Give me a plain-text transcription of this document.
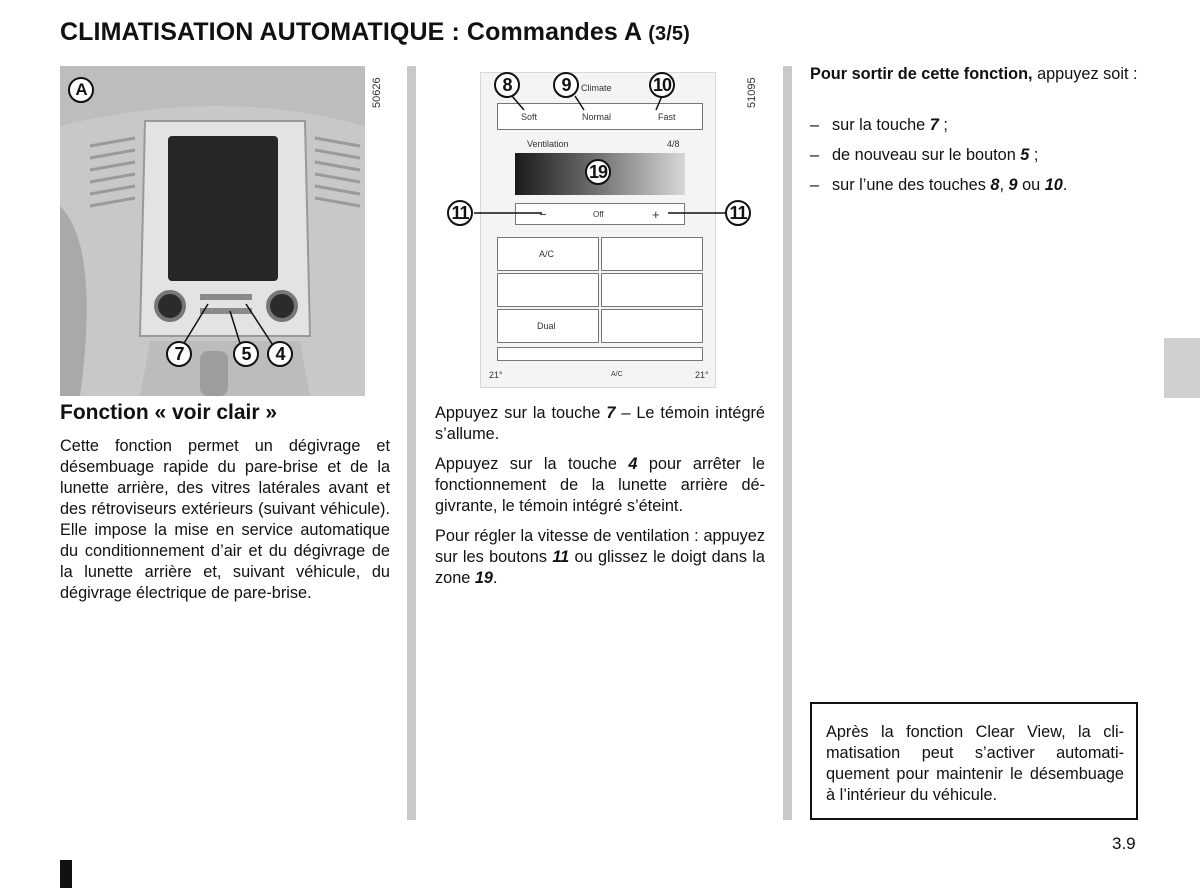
CLIMATISATION AUTOMATIQUE : Commandes A (3/5)
A
7	5	4
50626
Fonction « voir clair »

Cette fonction permet un dégivrage et désembuage rapide du pare-brise et de la lunette arrière, des vitres latérales avant et des rétroviseurs extérieurs (suivant véhicule). Elle impose la mise en service automatique du conditionnement d’air et du dégivrage de la lunette arrière et, suivant véhicule, du dégivrage électrique de pare-brise.

Climate
Soft	Normal	Fast
Ventilation	4/8
−	Off	+
A/C
Dual
21°	A/C	21°
51095
8	9	10
19
11	11

Appuyez sur la touche 7 – Le témoin intégré s’allume.

Appuyez sur la touche 4 pour arrêter le fonctionnement de la lunette arrière dégivrante, le témoin intégré s’éteint.

Pour régler la vitesse de ventilation : appuyez sur les boutons 11 ou glissez le doigt dans la zone 19.

Pour sortir de cette fonction, appuyez soit :

– sur la touche 7 ;
– de nouveau sur le bouton 5 ;
– sur l’une des touches 8, 9 ou 10.
Après la fonction Clear View, la climatisation peut s’activer automatiquement pour maintenir le désembuage à l’intérieur du véhicule.
3.9
